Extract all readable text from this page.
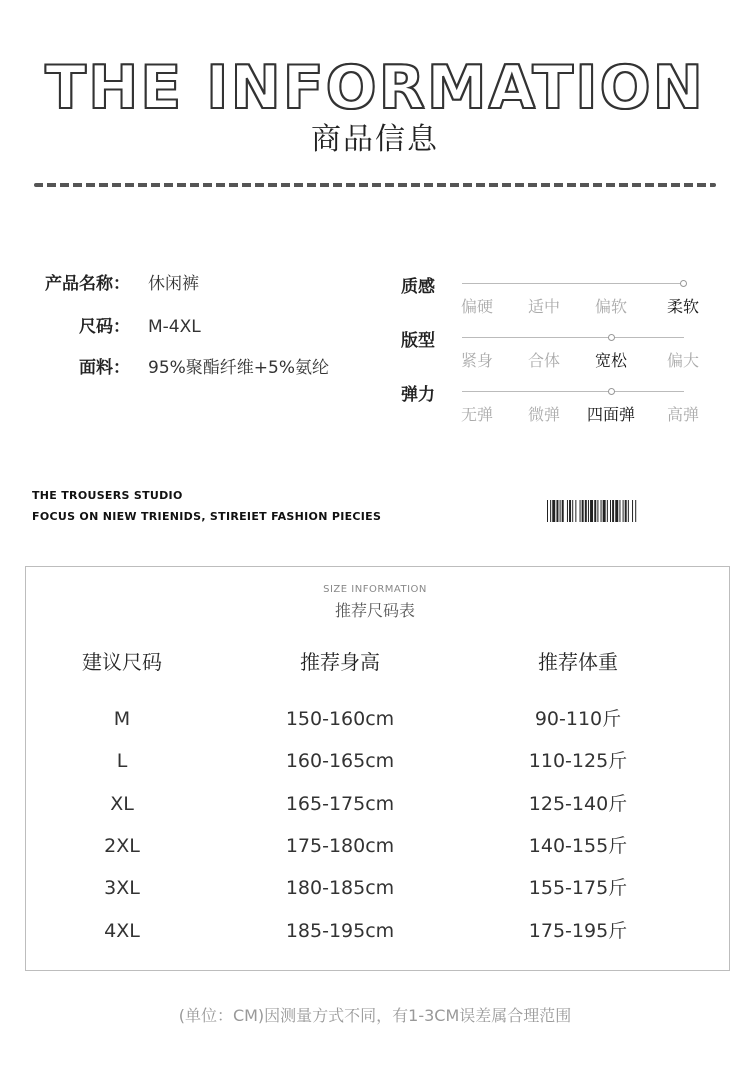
THE INFORMATION
商品信息
产品名称： 休闲裤
尺码： M-4XL
面料： 95%聚酯纤维+5%氨纶
质感
偏硬	适中	偏软	柔软
版型
紧身	合体	宽松	偏大
弹力
无弹	微弹	四面弹	高弹
THE TROUSERS STUDIO
FOCUS ON NIEW TRIENIDS, STIREIET FASHION PIECIES
SIZE INFORMATION
推荐尺码表
建议尺码	推荐身高	推荐体重
M	150-160cm	90-110斤
L	160-165cm	110-125斤
XL	165-175cm	125-140斤
2XL	175-180cm	140-155斤
3XL	180-185cm	155-175斤
4XL	185-195cm	175-195斤
(单位：CM)因测量方式不同，有1-3CM误差属合理范围
